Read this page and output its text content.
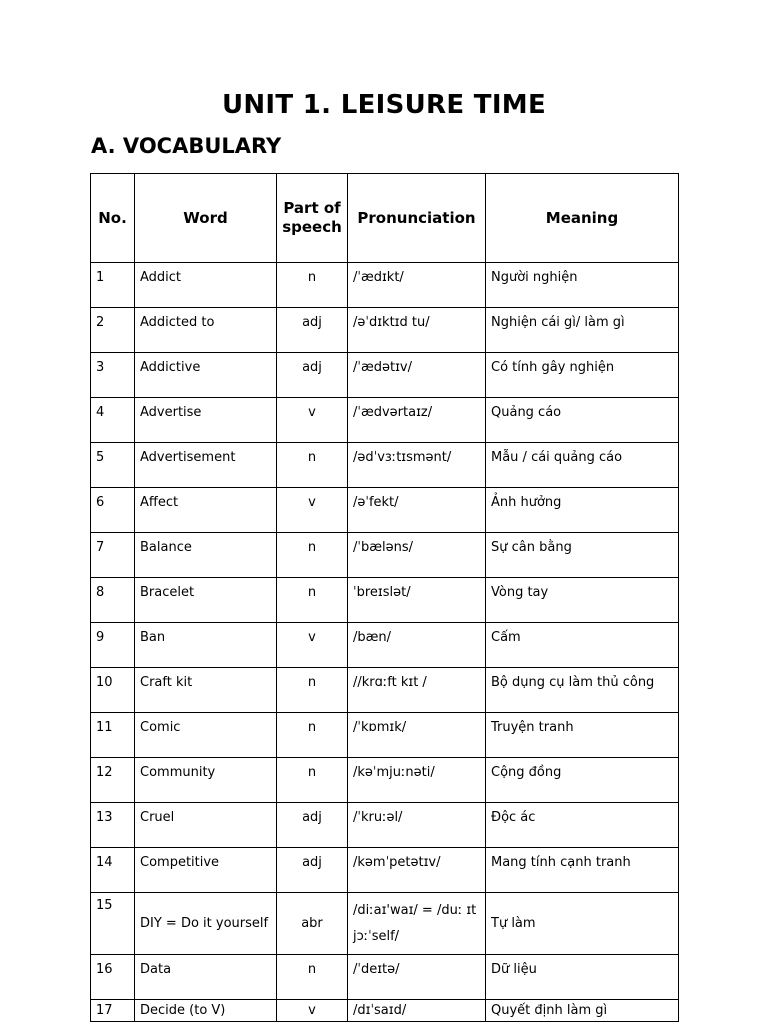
UNIT 1. LEISURE TIME
A. VOCABULARY
No.	Word	Part of speech	Pronunciation	Meaning
1	Addict	n	/ˈædɪkt/	Người nghiện
2	Addicted to	adj	/əˈdɪktɪd tu/	Nghiện cái gì/ làm gì
3	Addictive	adj	/ˈædətɪv/	Có tính gây nghiện
4	Advertise	v	/ˈædvərtaɪz/	Quảng cáo
5	Advertisement	n	/ədˈvɜːtɪsmənt/	Mẫu / cái quảng cáo
6	Affect	v	/əˈfekt/	Ảnh hưởng
7	Balance	n	/ˈbæləns/	Sự cân bằng
8	Bracelet	n	ˈbreɪslət/	Vòng tay
9	Ban	v	/bæn/	Cấm
10	Craft kit	n	//krɑːft kɪt /	Bộ dụng cụ làm thủ công
11	Comic	n	/ˈkɒmɪk/	Truyện tranh
12	Community	n	/kəˈmjuːnəti/	Cộng đồng
13	Cruel	adj	/ˈkruːəl/	Độc ác
14	Competitive	adj	/kəmˈpetətɪv/	Mang tính cạnh tranh
15	DIY = Do it yourself	abr	/diːaɪ'waɪ/ = /duː ɪt jɔːˈself/	Tự làm
16	Data	n	/ˈdeɪtə/	Dữ liệu
17	Decide (to V)	v	/dɪˈsaɪd/	Quyết định làm gì
